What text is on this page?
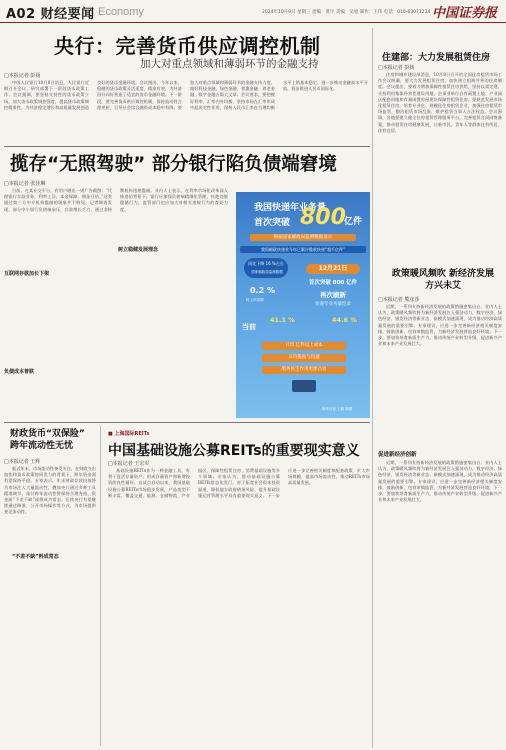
A02 财经要闻 Economy	2024年10月9日 星期三 责编：黄宇 美编：吴旭 制作：王伟 电话：010-63071234 中国证券报
央行：完善货币供应调控机制
加大对重点领域和薄弱环节的金融支持
□本报记者 彭扬

中国人民银行10月8日消息，人民银行近期召开会议，研究部署下一阶段货币政策工作。会议强调，要坚持支持性的货币政策立场，加大货币政策调控强度，提高货币政策调控精准性，为经济稳定增长和高质量发展创造良好的货币金融环境。会议指出，今年以来，稳健的货币政策灵活适度、精准有效，为经济回升向好营造了适宜的货币金融环境。下一阶段，要完善货币供应调控机制，保持流动性合理充裕，引导社会综合融资成本稳中有降。要加大对重点领域和薄弱环节的金融支持力度，做好科技金融、绿色金融、普惠金融、养老金融、数字金融五篇大文章。会议要求，要把握好利率、汇率内外均衡，坚持市场在汇率形成中起决定性作用，保持人民币汇率在合理均衡水平上的基本稳定。进一步推动金融高水平开放，稳步推进人民币国际化。

住建部：大力发展租赁住房
□本报记者 彭扬

住房和城乡建设部消息，10月8日召开的全国住房租赁市场工作会议明确，要大力发展租赁住房，加快建立租购并举的住房制度。会议提出，要着力增加保障性租赁住房供给，坚持以需定建，支持利用集体经营性建设用地、企事业单位自有闲置土地、产业园区配套用地和存量闲置房屋建设保障性租赁住房。要规范发展市场化租赁住房，培育专业化、规模化住房租赁企业，加强住房租赁市场监管，整治租赁市场乱象，维护租赁当事人合法权益。会议强调，各地要建立健全住房租赁管理服务平台，完善租赁合同网签备案，推动租赁住房健康发展，让新市民、青年人等群体住有所居、住有宜居。

揽存“无照驾驶” 部分银行陷负债端窘境
□本报记者 张佳琳

日前，在某社交平台，有用户晒出一则广告截图：“代理银行存款业务，利率上浮，本金保障，佣金日结。”这类通过第三方中介机构揽储的现象并不鲜见。记者调查发现，部分中小银行负债端承压，存款增长乏力，通过非持牌机构违规揽储。业内人士表示，在利率市场化改革深入推进的背景下，银行应加强负债端精细化管理，杜绝违规揽储行为，监管部门也应加大对相关违规行为的查处力度。

互联网存款加长下架
负债成本普跌
树立稳健发展理念
我国快递年业务量
首次突破 800
亿件
根据国家邮政局监测数据显示
我国邮政快递业今年已累计揽收快递“超千亿件”
同比下降 16 %左右
国家邮政局监测数据
0.2 %
较上年同期
12月21日
首次突破 800 亿件
再次刷新
快递年业务量纪录
当前
41.1 %	44.6 %
日均 亿件以上成本
日均揽收与投递
服务民生作用更加凸显
新华社发 王鹏 制图
政策暖风频吹 新经济发展方兴未艾
□本报记者 熊彦莎

近期，一系列支持新经济发展的政策措施密集出台。业内人士认为，政策暖风频吹将为新经济发展注入强劲动力，数字经济、绿色经济、银发经济等新业态、新模式加速涌现，成为推动经济高质量发展的重要引擎。专家建议，应进一步完善新经济相关制度安排，鼓励创新，包容审慎监管，为新经济发展营造良好环境。下一步，要加快培育新质生产力，推动传统产业转型升级，促进新兴产业和未来产业发展壮大。

促进新经济创新

近期，一系列支持新经济发展的政策措施密集出台。业内人士认为，政策暖风频吹将为新经济发展注入强劲动力，数字经济、绿色经济、银发经济等新业态、新模式加速涌现，成为推动经济高质量发展的重要引擎。专家建议，应进一步完善新经济相关制度安排，鼓励创新，包容审慎监管，为新经济发展营造良好环境。下一步，要加快培育新质生产力，推动传统产业转型升级，促进新兴产业和未来产业发展壮大。

财政货币“双保险” 跨年流动性无忧
□本报记者 王辉

临近年末，市场流动性备受关注。在财政支出加快和货币政策协同发力的背景下，跨年资金面有望保持平稳。专家表示，年末财政存款投放将为市场注入大量流动性，叠加央行通过多种工具精准调节，预计跨年流动性将保持合理充裕，资金面“不差不缺”或将成为常态。后续央行有望继续通过降准、公开市场操作等方式，为市场提供充足流动性。

“不差不缺”料成常态
■ 上海国际REITs
中国基础设施公募REITs的重要现实意义
□本报记者 王宏军

基础设施REITs作为一种金融工具，有利于盘活存量资产，形成存量资产和新增投资的良性循环。自试点启动以来，我国基础设施公募REITs市场稳步发展，产品类型不断丰富，覆盖交通、能源、仓储物流、产业园区、保障性租赁住房、消费基础设施等多个领域。专家认为，推动基础设施公募REITs常态化发行，对于拓宽社会资本投资渠道、降低地方政府债务风险、提升基础设施运营管理水平具有重要现实意义。下一步应进一步完善相关制度和配套政策，扩大市场规模，提高市场流动性，推动REITs市场高质量发展。
